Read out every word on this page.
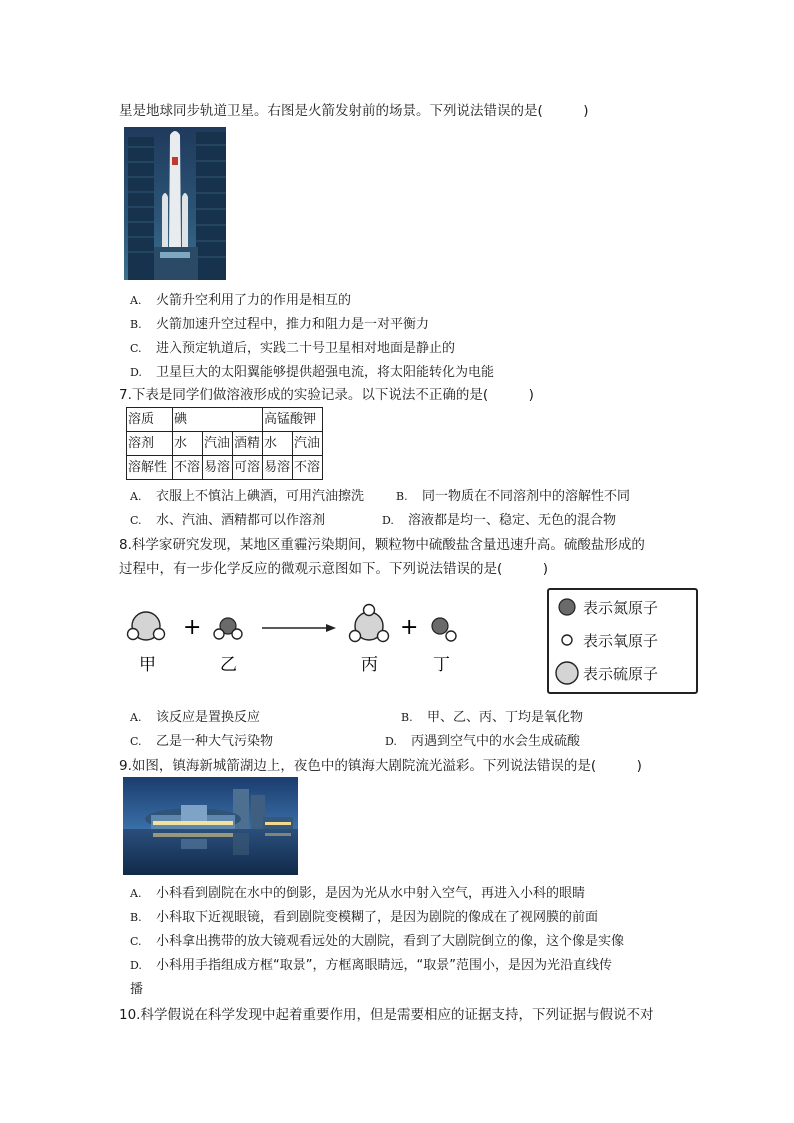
星是地球同步轨道卫星。右图是火箭发射前的场景。下列说法错误的是(　　　)
A. 火箭升空利用了力的作用是相互的
B. 火箭加速升空过程中，推力和阻力是一对平衡力
C. 进入预定轨道后，实践二十号卫星相对地面是静止的
D. 卫星巨大的太阳翼能够提供超强电流，将太阳能转化为电能
7.下表是同学们做溶液形成的实验记录。以下说法不正确的是(　　　)
溶质	碘			高锰酸钾	
溶剂	水	汽油	酒精	水	汽油
溶解性	不溶	易溶	可溶	易溶	不溶
A. 衣服上不慎沾上碘酒，可用汽油擦洗	B. 同一物质在不同溶剂中的溶解性不同
C. 水、汽油、酒精都可以作溶剂	D. 溶液都是均一、稳定、无色的混合物
8.科学家研究发现，某地区重霾污染期间，颗粒物中硫酸盐含量迅速升高。硫酸盐形成的
过程中，有一步化学反应的微观示意图如下。下列说法错误的是(　　　)
+	+
甲	乙	丙	丁
表示氮原子
表示氧原子
表示硫原子
A. 该反应是置换反应	B. 甲、乙、丙、丁均是氧化物
C. 乙是一种大气污染物	D. 丙遇到空气中的水会生成硫酸
9.如图，镇海新城箭湖边上，夜色中的镇海大剧院流光溢彩。下列说法错误的是(　　　)
A. 小科看到剧院在水中的倒影，是因为光从水中射入空气，再进入小科的眼睛
B. 小科取下近视眼镜，看到剧院变模糊了，是因为剧院的像成在了视网膜的前面
C. 小科拿出携带的放大镜观看远处的大剧院，看到了大剧院倒立的像，这个像是实像
D. 小科用手指组成方框“取景”，方框离眼睛远，“取景”范围小，是因为光沿直线传
播
10.科学假说在科学发现中起着重要作用，但是需要相应的证据支持，下列证据与假说不对
